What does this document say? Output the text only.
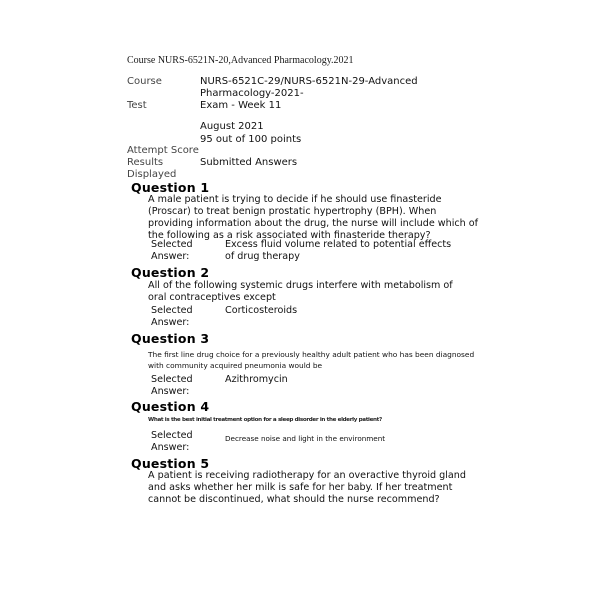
Course NURS-6521N-20,Advanced Pharmacology.2021
Course	NURS-6521C-29/NURS-6521N-29-Advanced
Pharmacology-2021-
Test	Exam - Week 11
August 2021
95 out of 100 points
Attempt Score
Results
Displayed
Submitted Answers
Question 1
A male patient is trying to decide if he should use finasteride (Proscar) to treat benign prostatic hypertrophy (BPH). When providing information about the drug, the nurse will include which of the following as a risk associated with finasteride therapy?
Selected Answer:
Excess fluid volume related to potential effects of drug therapy
Question 2
All of the following systemic drugs interfere with metabolism of oral contraceptives except
Selected Answer:
Corticosteroids
Question 3
The first line drug choice for a previously healthy adult patient who has been diagnosed with community acquired pneumonia would be
Selected Answer:
Azithromycin
Question 4
What is the best initial treatment option for a sleep disorder in the elderly patient?
Selected Answer:
Decrease noise and light in the environment
Question 5
A patient is receiving radiotherapy for an overactive thyroid gland and asks whether her milk is safe for her baby. If her treatment cannot be discontinued, what should the nurse recommend?
